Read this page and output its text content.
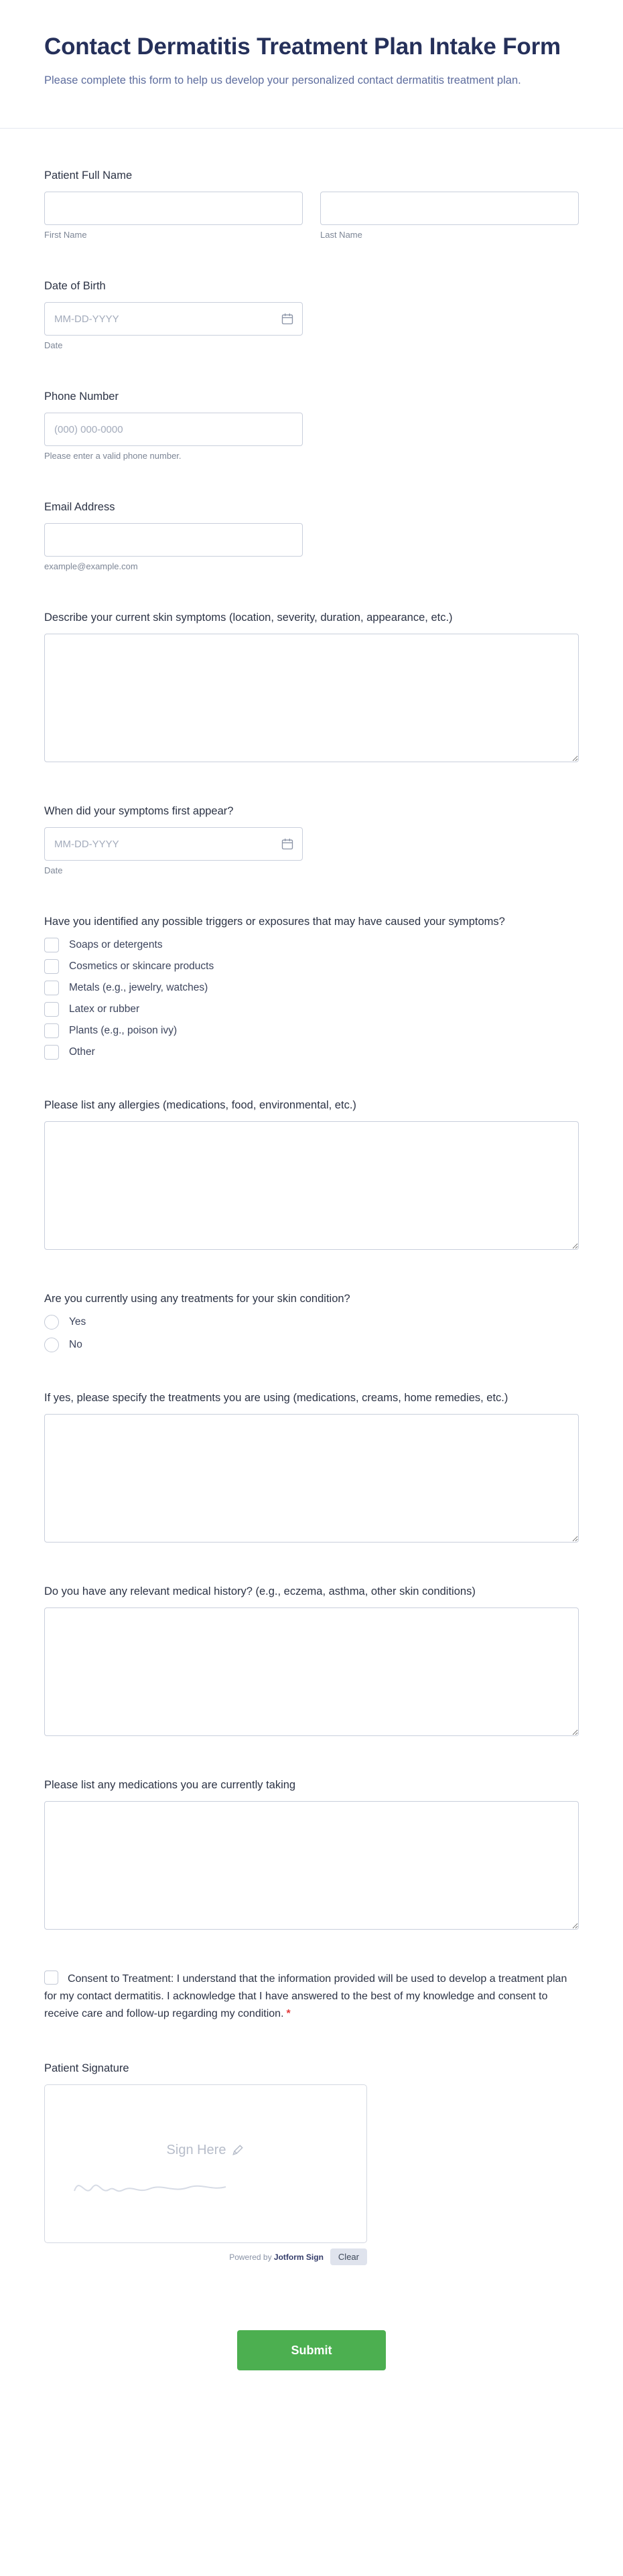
Contact Dermatitis Treatment Plan Intake Form

Please complete this form to help us develop your personalized contact dermatitis treatment plan.

Patient Full Name
First Name	Last Name
Date of Birth
MM-DD-YYYY
Date
Phone Number
(000) 000-0000
Please enter a valid phone number.
Email Address
example@example.com
Describe your current skin symptoms (location, severity, duration, appearance, etc.)
When did your symptoms first appear?
MM-DD-YYYY
Date
Have you identified any possible triggers or exposures that may have caused your symptoms?
Soaps or detergents
Cosmetics or skincare products
Metals (e.g., jewelry, watches)
Latex or rubber
Plants (e.g., poison ivy)
Other
Please list any allergies (medications, food, environmental, etc.)
Are you currently using any treatments for your skin condition?
Yes
No
If yes, please specify the treatments you are using (medications, creams, home remedies, etc.)
Do you have any relevant medical history? (e.g., eczema, asthma, other skin conditions)
Please list any medications you are currently taking

Consent to Treatment: I understand that the information provided will be used to develop a treatment plan for my contact dermatitis. I acknowledge that I have answered to the best of my knowledge and consent to receive care and follow-up regarding my condition. *

Patient Signature
Sign Here
Powered by Jotform Sign	Clear
Submit
